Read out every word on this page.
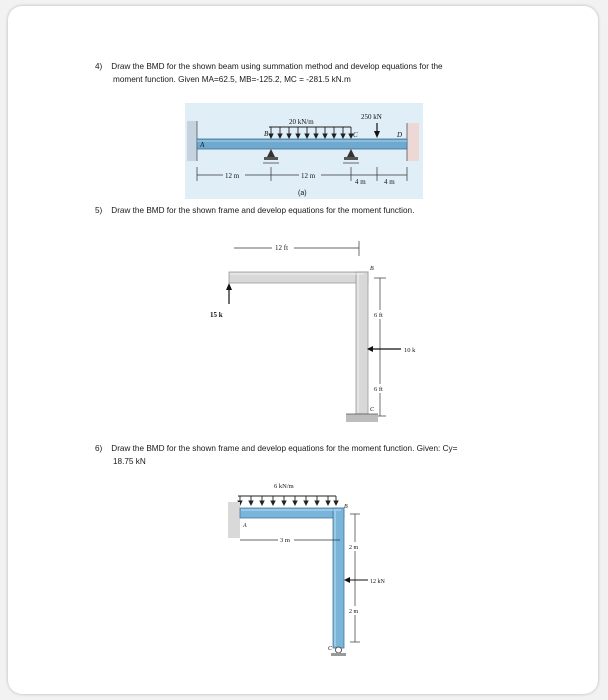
4) Draw the BMD for the shown beam using summation method and develop equations for the
moment function. Given MA=62.5, MB=-125.2, MC = -281.5 kN.m
20 kN/m
250 kN
A
B	C	D
12 m	12 m
4 m	4 m
(a)
5) Draw the BMD for the shown frame and develop equations for the moment function.
12 ft
15 k
B
6 ft
6 ft
10 k
C
6) Draw the BMD for the shown frame and develop equations for the moment function. Given: Cy=
18.75 kN
6 kN/m
B
A
3 m
2 m
2 m
12 kN
C
